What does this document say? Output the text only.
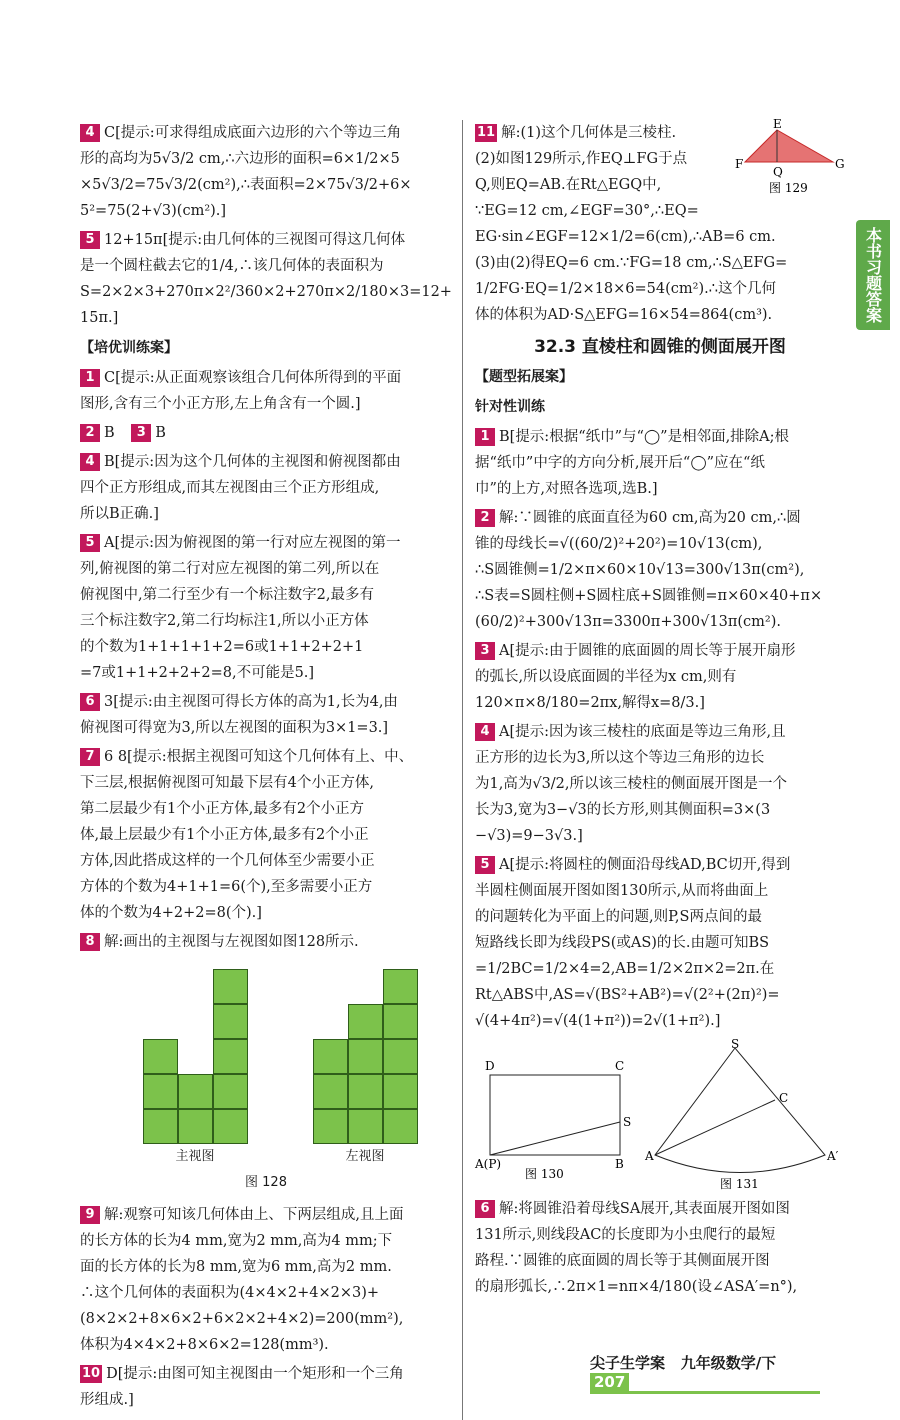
本书习题答案
4 C[提示:可求得组成底面六边形的六个等边三角
形的高均为5√3/2 cm,∴六边形的面积=6×1/2×5
×5√3/2=75√3/2(cm²),∴表面积=2×75√3/2+6×
5²=75(2+√3)(cm²).]
5 12+15π[提示:由几何体的三视图可得这几何体
是一个圆柱截去它的1/4,∴该几何体的表面积为
S=2×2×3+270π×2²/360×2+270π×2/180×3=12+
15π.]
【培优训练案】
1 C[提示:从正面观察该组合几何体所得到的平面
图形,含有三个小正方形,左上角含有一个圆.]
2 B 3 B
4 B[提示:因为这个几何体的主视图和俯视图都由
四个正方形组成,而其左视图由三个正方形组成,
所以B正确.]
5 A[提示:因为俯视图的第一行对应左视图的第一
列,俯视图的第二行对应左视图的第二列,所以在
俯视图中,第二行至少有一个标注数字2,最多有
三个标注数字2,第二行均标注1,所以小正方体
的个数为1+1+1+1+2=6或1+1+2+2+1
=7或1+1+2+2+2=8,不可能是5.]
6 3[提示:由主视图可得长方体的高为1,长为4,由
俯视图可得宽为3,所以左视图的面积为3×1=3.]
7 6 8[提示:根据主视图可知这个几何体有上、中、
下三层,根据俯视图可知最下层有4个小正方体,
第二层最少有1个小正方体,最多有2个小正方
体,最上层最少有1个小正方体,最多有2个小正
方体,因此搭成这样的一个几何体至少需要小正
方体的个数为4+1+1=6(个),至多需要小正方
体的个数为4+2+2=8(个).]
8 解:画出的主视图与左视图如图128所示.
主视图	左视图
图 128
9 解:观察可知该几何体由上、下两层组成,且上面
的长方体的长为4 mm,宽为2 mm,高为4 mm;下
面的长方体的长为8 mm,宽为6 mm,高为2 mm.
∴这个几何体的表面积为(4×4×2+4×2×3)+
(8×2×2+8×6×2+6×2×2+4×2)=200(mm²),
体积为4×4×2+8×6×2=128(mm³).
10 D[提示:由图可知主视图由一个矩形和一个三角
形组成.]
E
F	G
Q
图 129
11 解:(1)这个几何体是三棱柱.
(2)如图129所示,作EQ⊥FG于点
Q,则EQ=AB.在Rt△EGQ中,
∵EG=12 cm,∠EGF=30°,∴EQ=
EG·sin∠EGF=12×1/2=6(cm),∴AB=6 cm.
(3)由(2)得EQ=6 cm.∵FG=18 cm,∴S△EFG=
1/2FG·EQ=1/2×18×6=54(cm²).∴这个几何
体的体积为AD·S△EFG=16×54=864(cm³).
32.3 直棱柱和圆锥的侧面展开图
【题型拓展案】
针对性训练
1 B[提示:根据“纸巾”与“◯”是相邻面,排除A;根
据“纸巾”中字的方向分析,展开后“◯”应在“纸
巾”的上方,对照各选项,选B.]
2 解:∵圆锥的底面直径为60 cm,高为20 cm,∴圆
锥的母线长=√((60/2)²+20²)=10√13(cm),
∴S圆锥侧=1/2×π×60×10√13=300√13π(cm²),
∴S表=S圆柱侧+S圆柱底+S圆锥侧=π×60×40+π×
(60/2)²+300√13π=3300π+300√13π(cm²).
3 A[提示:由于圆锥的底面圆的周长等于展开扇形
的弧长,所以设底面圆的半径为x cm,则有
120×π×8/180=2πx,解得x=8/3.]
4 A[提示:因为该三棱柱的底面是等边三角形,且
正方形的边长为3,所以这个等边三角形的边长
为1,高为√3/2,所以该三棱柱的侧面展开图是一个
长为3,宽为3−√3的长方形,则其侧面积=3×(3
−√3)=9−3√3.]
5 A[提示:将圆柱的侧面沿母线AD,BC切开,得到
半圆柱侧面展开图如图130所示,从而将曲面上
的问题转化为平面上的问题,则P,S两点间的最
短路线长即为线段PS(或AS)的长.由题可知BS
=1/2BC=1/2×4=2,AB=1/2×2π×2=2π.在
Rt△ABS中,AS=√(BS²+AB²)=√(2²+(2π)²)=
√(4+4π²)=√(4(1+π²))=2√(1+π²).]
D	C
S
A(P)	B
图 130
S
C
A	A′
图 131
6 解:将圆锥沿着母线SA展开,其表面展开图如图
131所示,则线段AC的长度即为小虫爬行的最短
路程.∵圆锥的底面圆的周长等于其侧面展开图
的扇形弧长,∴2π×1=nπ×4/180(设∠ASA′=n°),
尖子生学案 九年级数学/下 207
